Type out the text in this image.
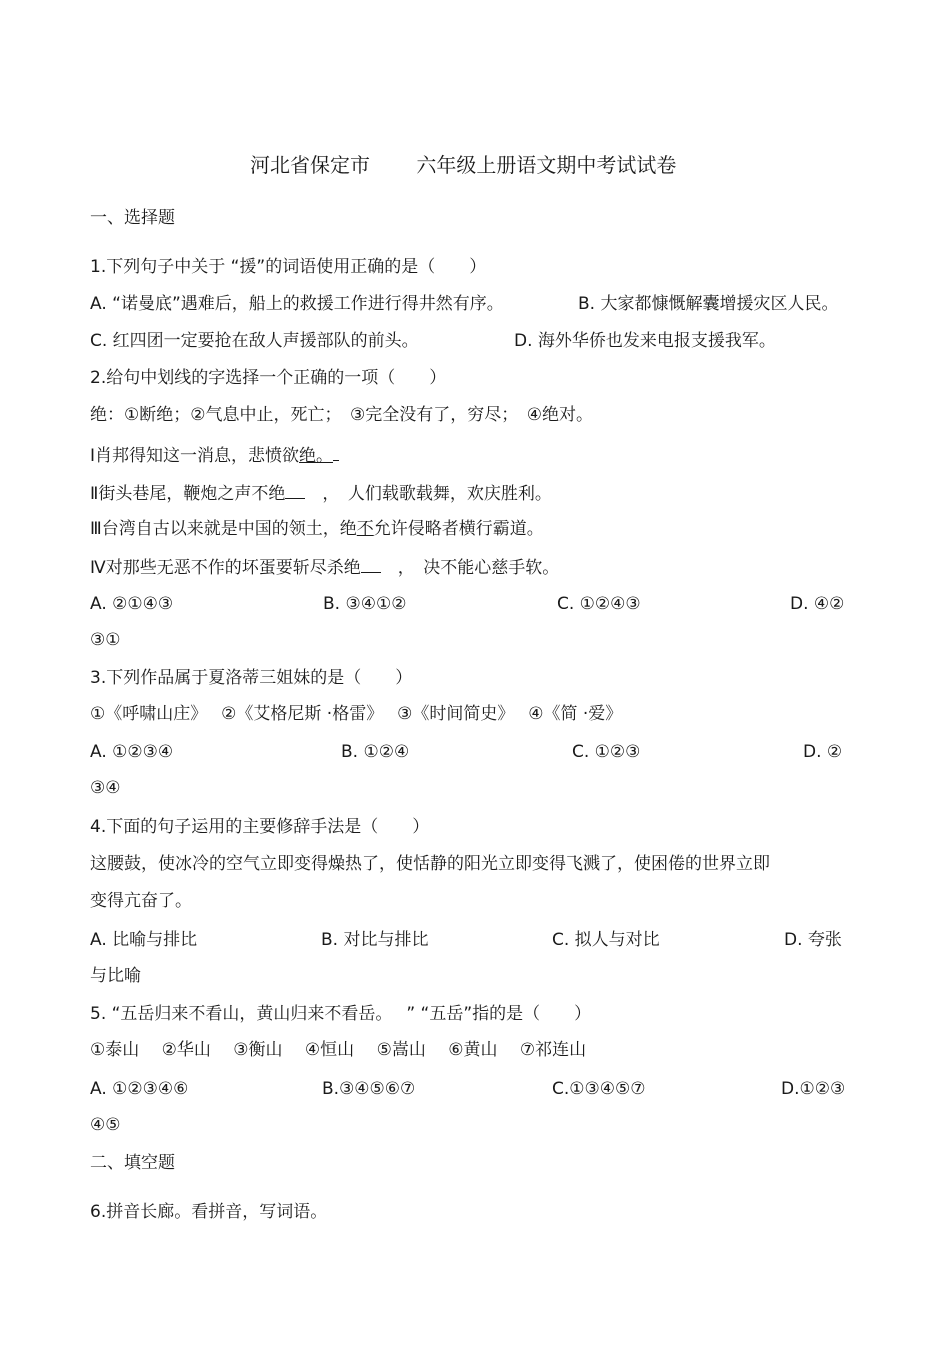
河北省保定市　　 六年级上册语文期中考试试卷
一、选择题
1.下列句子中关于 “援”的词语使用正确的是（　　）
A. “诺曼底”遇难后，船上的救援工作进行得井然有序。	B. 大家都慷慨解囊增援灾区人民。
C. 红四团一定要抢在敌人声援部队的前头。	D. 海外华侨也发来电报支援我军。
2.给句中划线的字选择一个正确的一项（　　）
绝：①断绝；②气息中止，死亡；　③完全没有了，穷尽；　④绝对。
Ⅰ肖邦得知这一消息，悲愤欲绝。
Ⅱ街头巷尾，鞭炮之声不绝　 ，　人们载歌载舞，欢庆胜利。
Ⅲ台湾自古以来就是中国的领土，绝不允许侵略者横行霸道。
Ⅳ对那些无恶不作的坏蛋要斩尽杀绝　 ，　决不能心慈手软。
A. ②①④③	B. ③④①②	C. ①②④③	D. ④②
③①
3.下列作品属于夏洛蒂三姐妹的是（　　）
①《呼啸山庄》　 ②《艾格尼斯 ·格雷》　 ③《时间简史》　 ④《简 ·爱》
A. ①②③④	B. ①②④	C. ①②③	D. ②
③④
4.下面的句子运用的主要修辞手法是（　　）
这腰鼓，使冰冷的空气立即变得燥热了，使恬静的阳光立即变得飞溅了，使困倦的世界立即
变得亢奋了。
A. 比喻与排比	B. 对比与排比	C. 拟人与对比	D. 夸张
与比喻
5. “五岳归来不看山，黄山归来不看岳。　 ” “五岳”指的是（　　）
①泰山　 ②华山　 ③衡山　 ④恒山　 ⑤嵩山　 ⑥黄山　 ⑦祁连山
A. ①②③④⑥	B.③④⑤⑥⑦	C.①③④⑤⑦	D.①②③
④⑤
二、填空题
6.拼音长廊。看拼音，写词语。
